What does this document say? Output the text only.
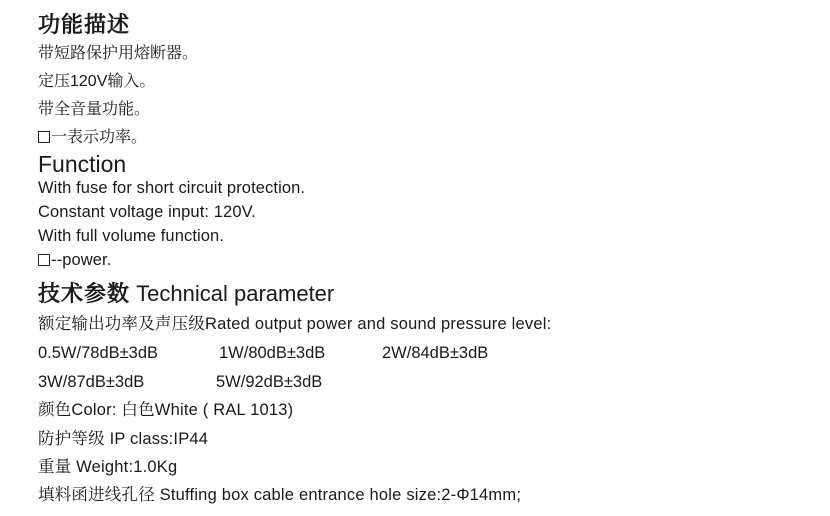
功能描述
带短路保护用熔断器。
定压120V输入。
带全音量功能。
一表示功率。
Function
With fuse for short circuit protection.
Constant voltage input: 120V.
With full volume function.
--power.
技术参数 Technical parameter
额定输出功率及声压级Rated output power and sound pressure level:
0.5W/78dB±3dB	1W/80dB±3dB	2W/84dB±3dB
3W/87dB±3dB	5W/92dB±3dB
颜色Color: 白色White ( RAL 1013)
防护等级 IP class:IP44
重量 Weight:1.0Kg
填料函进线孔径 Stuffing box cable entrance hole size:2-Φ14mm;
